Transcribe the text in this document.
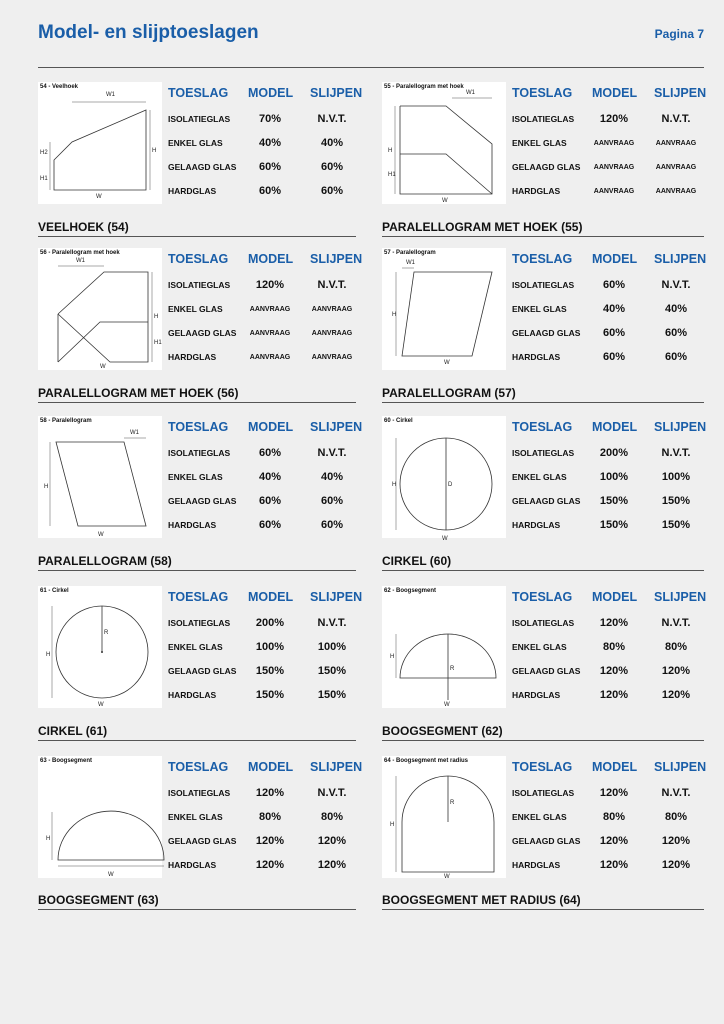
Model- en slijptoeslagen	Pagina 7
W1
H2
H1
H
W
54 - Veelhoek	TOESLAG MODEL SLIJPEN
ISOLATIEGLAS	70%	N.V.T.
ENKEL GLAS	40%	40%
GELAAGD GLAS	60%	60%
HARDGLAS	60%	60%
VEELHOEK (54)
W1
H
H1
W
55 - Paralellogram met hoek	TOESLAG MODEL SLIJPEN
ISOLATIEGLAS	120%	N.V.T.
ENKEL GLAS	AANVRAAG	AANVRAAG
GELAAGD GLAS	AANVRAAG	AANVRAAG
HARDGLAS	AANVRAAG	AANVRAAG
PARALELLOGRAM MET HOEK (55)
W1
H
H1
W
56 - Paralellogram met hoek	TOESLAG MODEL SLIJPEN
ISOLATIEGLAS	120%	N.V.T.
ENKEL GLAS	AANVRAAG	AANVRAAG
GELAAGD GLAS	AANVRAAG	AANVRAAG
HARDGLAS	AANVRAAG	AANVRAAG
PARALELLOGRAM MET HOEK (56)
W1
H
W
57 - Paralellogram	TOESLAG MODEL SLIJPEN
ISOLATIEGLAS	60%	N.V.T.
ENKEL GLAS	40%	40%
GELAAGD GLAS	60%	60%
HARDGLAS	60%	60%
PARALELLOGRAM (57)
W1
H
W
58 - Paralellogram	TOESLAG MODEL SLIJPEN
ISOLATIEGLAS	60%	N.V.T.
ENKEL GLAS	40%	40%
GELAAGD GLAS	60%	60%
HARDGLAS	60%	60%
PARALELLOGRAM (58)
H	D
W
60 - Cirkel	TOESLAG MODEL SLIJPEN
ISOLATIEGLAS	200%	N.V.T.
ENKEL GLAS	100%	100%
GELAAGD GLAS	150%	150%
HARDGLAS	150%	150%
CIRKEL (60)
H
R
W
61 - Cirkel	TOESLAG MODEL SLIJPEN
ISOLATIEGLAS	200%	N.V.T.
ENKEL GLAS	100%	100%
GELAAGD GLAS	150%	150%
HARDGLAS	150%	150%
CIRKEL (61)
H
R
W
62 - Boogsegment	TOESLAG MODEL SLIJPEN
ISOLATIEGLAS	120%	N.V.T.
ENKEL GLAS	80%	80%
GELAAGD GLAS	120%	120%
HARDGLAS	120%	120%
BOOGSEGMENT (62)
H
W
63 - Boogsegment	TOESLAG MODEL SLIJPEN
ISOLATIEGLAS	120%	N.V.T.
ENKEL GLAS	80%	80%
GELAAGD GLAS	120%	120%
HARDGLAS	120%	120%
BOOGSEGMENT (63)
R
H
W
64 - Boogsegment met radius	TOESLAG MODEL SLIJPEN
ISOLATIEGLAS	120%	N.V.T.
ENKEL GLAS	80%	80%
GELAAGD GLAS	120%	120%
HARDGLAS	120%	120%
BOOGSEGMENT MET RADIUS (64)
